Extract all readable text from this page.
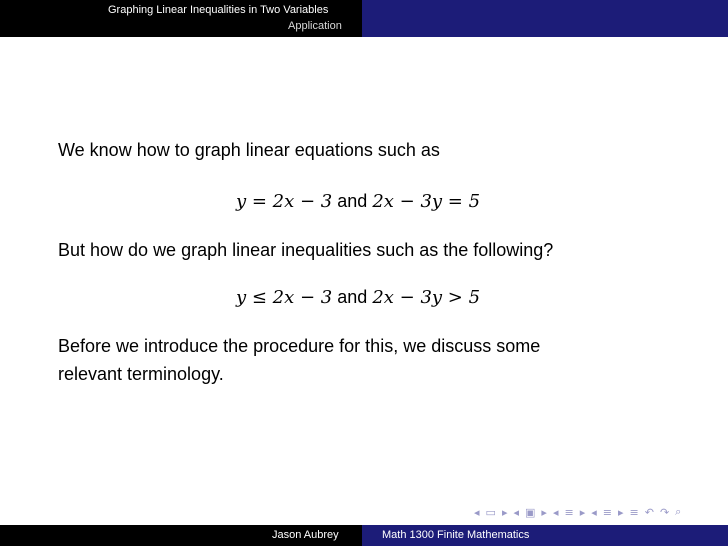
Graphing Linear Inequalities in Two Variables
Application
We know how to graph linear equations such as
y = 2x − 3 and 2x − 3y = 5
But how do we graph linear inequalities such as the following?
y ≤ 2x − 3 and 2x − 3y > 5
Before we introduce the procedure for this, we discuss some
relevant terminology.
◂ ▭ ▸ ◂ ▣ ▸ ◂ ≡ ▸ ◂ ≡ ▸ ≡ ↶ ↷ ⌕
Jason Aubrey	Math 1300 Finite Mathematics
